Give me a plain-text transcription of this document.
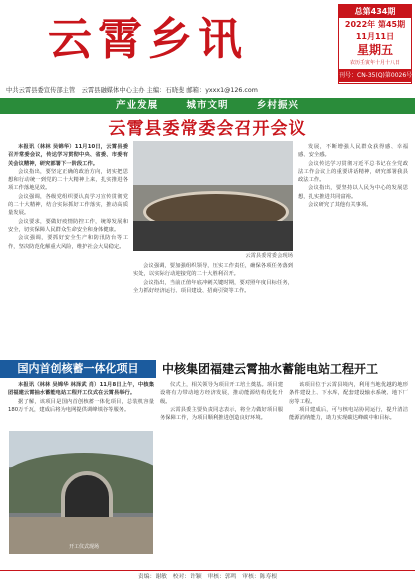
云霄乡讯
总第434期
2022年 第45期
11月11日
星期五
农历壬寅年十月十八日
刊号：CN-35(Q)第0026号
中共云霄县委宣传部主管　云霄县融媒体中心主办 主编：石晓斐 邮箱：yxxx1@126.com
产业发展	城市文明	乡村振兴
云霄县委常委会召开会议

本报讯（林林 吴锦华）11月10日，云霄县委召开常委会议，传达学习贯彻中央、省委、市委有关会议精神，研究部署下一阶段工作。

会议指出，要坚定正确的政治方向，切实把思想和行动统一到党的二十大精神上来，扎实推进各项工作落地见效。

会议强调，各级党组织要认真学习宣传贯彻党的二十大精神，结合实际抓好工作落实，推动高质量发展。

会议要求，要做好疫情防控工作，统筹发展和安全，切实保障人民群众生命安全和身体健康。

会议强调，要抓好安全生产和防汛防台等工作，坚决防范化解重大风险，维护社会大局稳定。

云霄县委常委会现场

会议强调，要加强组织领导，压实工作责任，确保各项任务落到实处，以实际行动迎接党的二十大胜利召开。

会议指出，当前正值年底冲刺关键时期，要对照年度目标任务，全力抓好经济运行、项目建设、招商引资等工作。

发展，不断增强人民群众获得感、幸福感、安全感。

会议传达学习贯彻习近平总书记在全党政法工作会议上的重要讲话精神，研究部署我县政法工作。

会议指出，要坚持以人民为中心的发展思想，扎实推进共同富裕。

会议研究了其他有关事项。

国内首创核蓄一体化项目	中核集团福建云霄抽水蓄能电站工程开工

本报讯（林林 吴锦华 林泽武 肖）11月8日上午，中核集团福建云霄抽水蓄能电站工程开工仪式在云霄县举行。

据了解，该项目是国内首创核蓄一体化项目，总装机容量180万千瓦，建成后将为电网提供调峰填谷等服务。

开工仪式现场

仪式上，相关领导为项目开工培土奠基。项目建设将有力带动地方经济发展，推动能源结构优化升级。

云霄县委主要负责同志表示，将全力做好项目服务保障工作，为项目顺利推进创造良好环境。

该项目位于云霄县境内，利用当地优越的地形条件建设上、下水库，配套建设输水系统、地下厂房等工程。

项目建成后，可与核电站协同运行，提升清洁能源消纳能力，助力实现碳达峰碳中和目标。

责编：谢敏　校对：许颖　审核：郭鸣　审核：陈寿根
